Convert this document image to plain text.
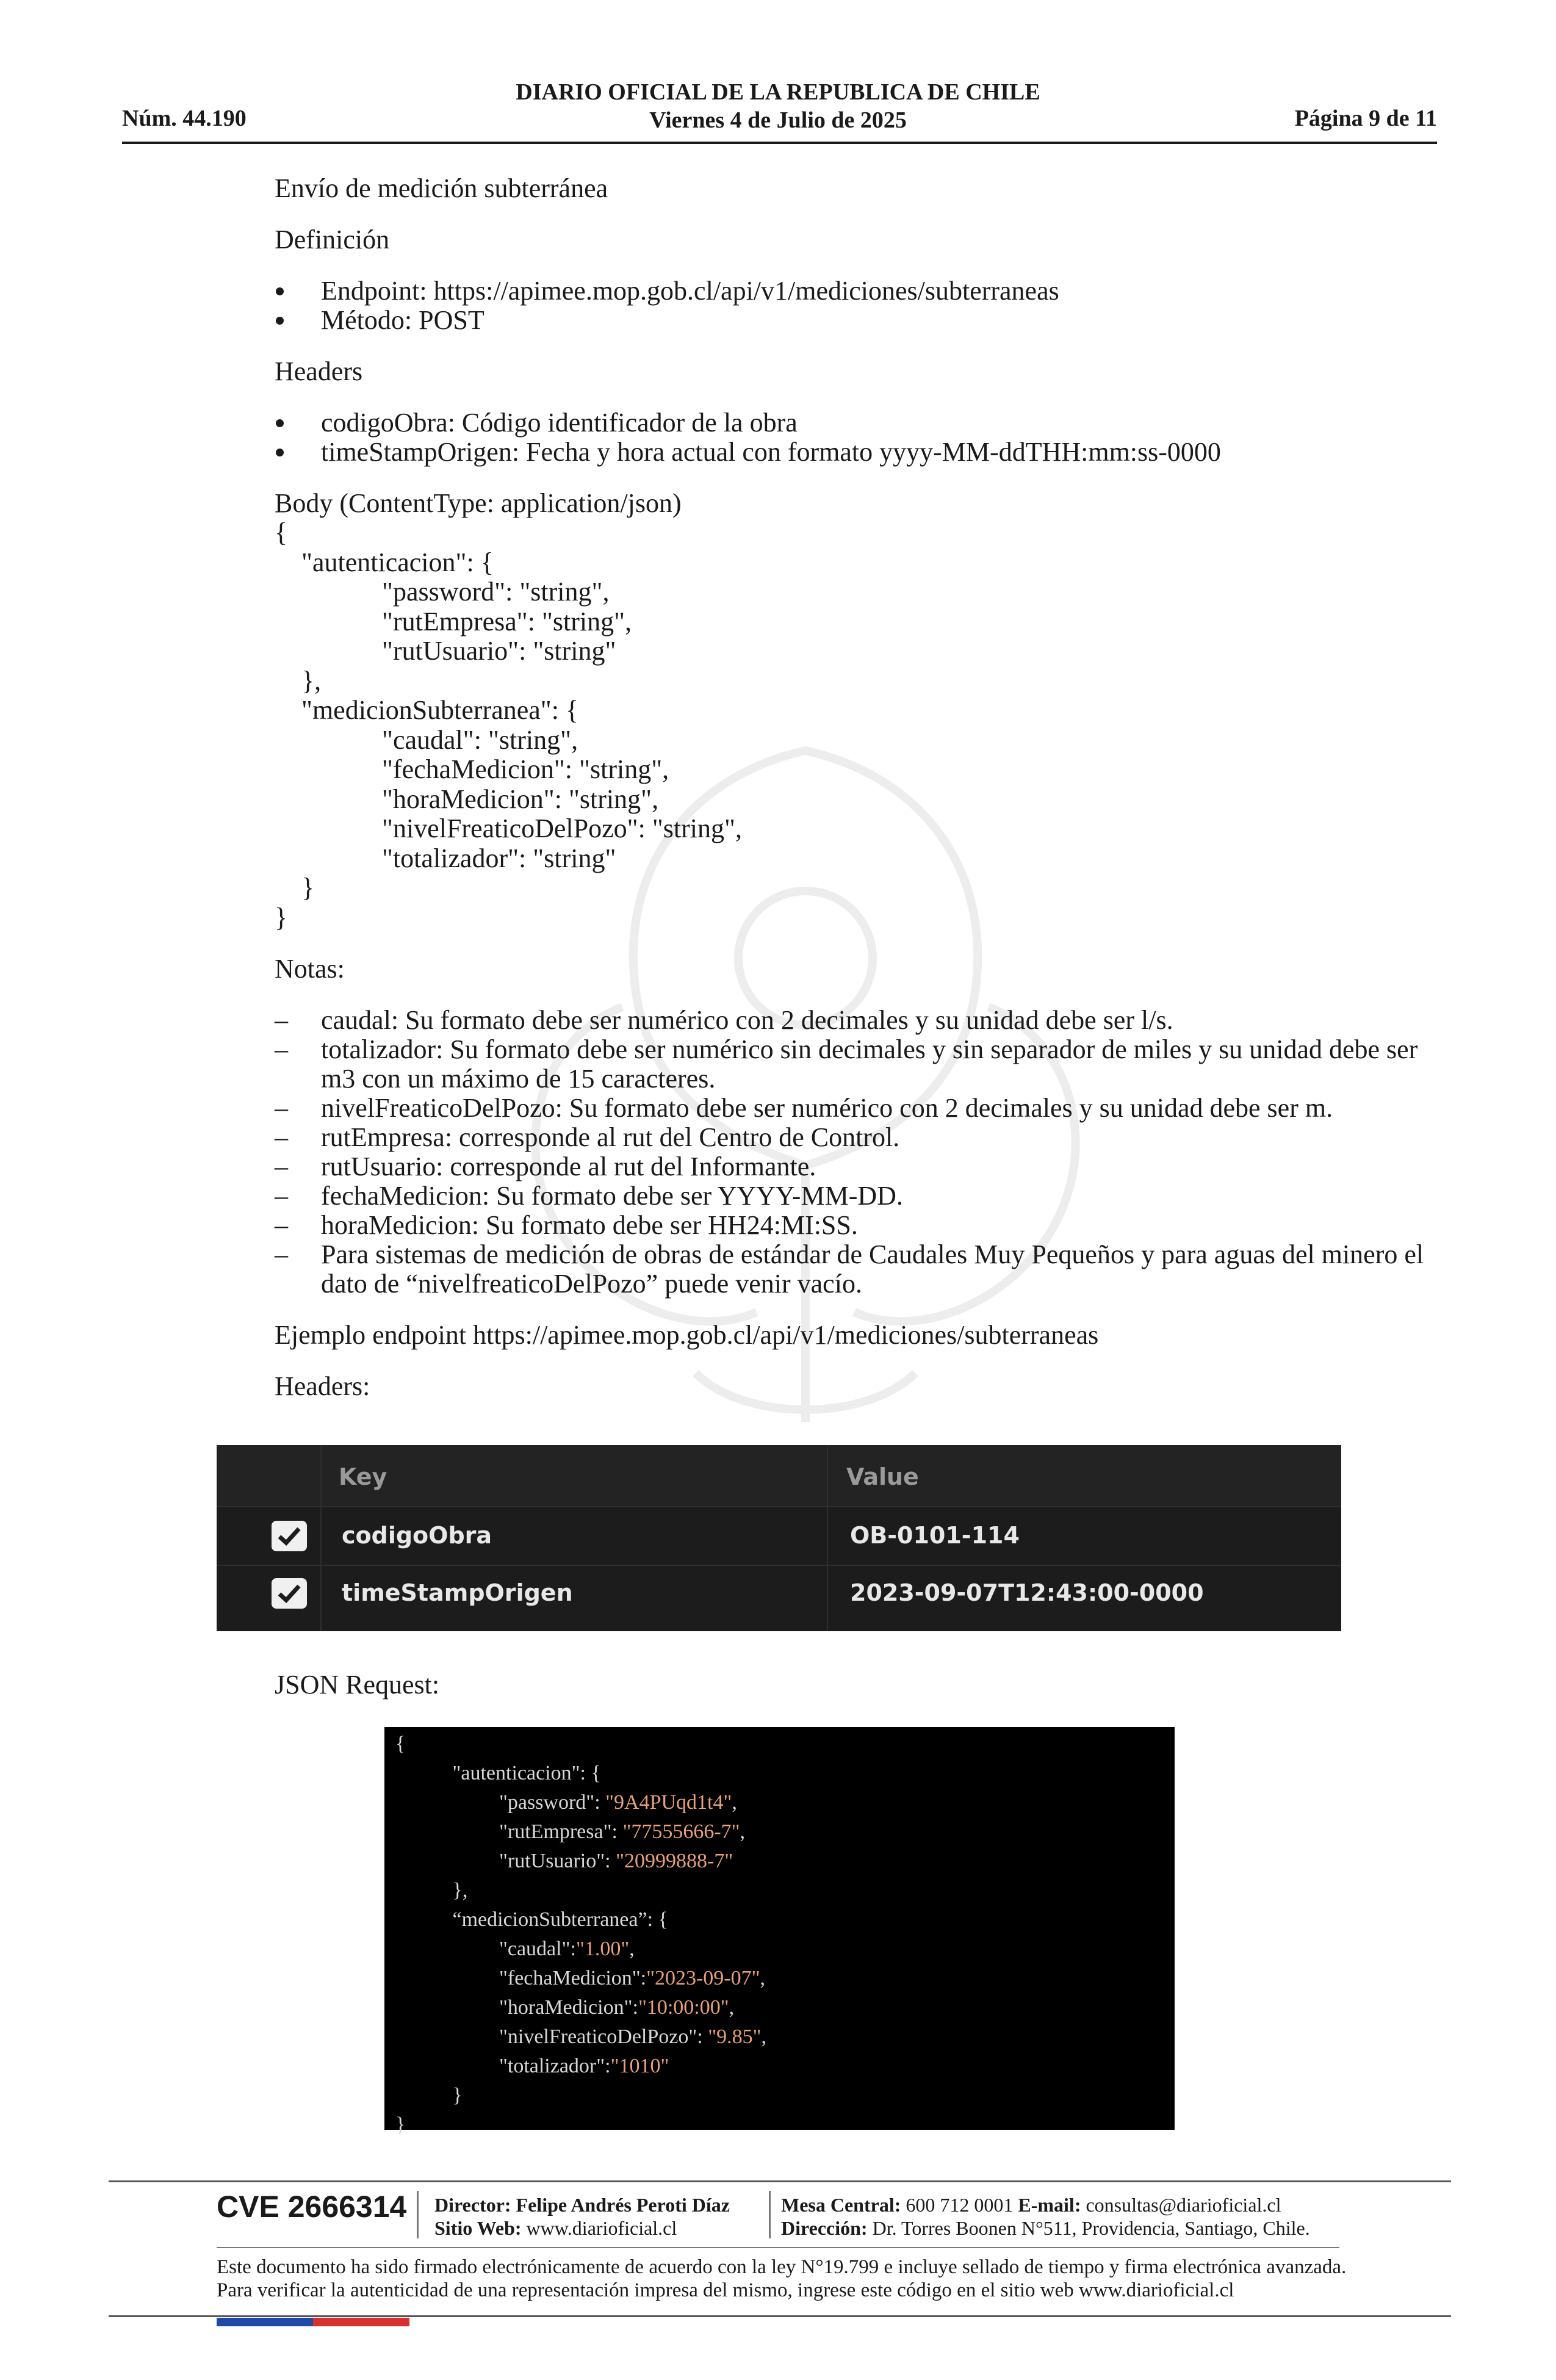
Núm. 44.190
DIARIO OFICIAL DE LA REPUBLICA DE CHILE
Viernes 4 de Julio de 2025	Página 9 de 11

Envío de medición subterránea

Definición

Endpoint: https://apimee.mop.gob.cl/api/v1/mediciones/subterraneas
Método: POST

Headers

codigoObra: Código identificador de la obra
timeStampOrigen: Fecha y hora actual con formato yyyy-MM-ddTHH:mm:ss-0000

Body (ContentType: application/json)

{
"autenticacion": {
"password": "string",
"rutEmpresa": "string",
"rutUsuario": "string"
},
"medicionSubterranea": {
"caudal": "string",
"fechaMedicion": "string",
"horaMedicion": "string",
"nivelFreaticoDelPozo": "string",
"totalizador": "string"
}
}

Notas:

– caudal: Su formato debe ser numérico con 2 decimales y su unidad debe ser l/s.
– totalizador: Su formato debe ser numérico sin decimales y sin separador de miles y su unidad debe ser m3 con un máximo de 15 caracteres.
– nivelFreaticoDelPozo: Su formato debe ser numérico con 2 decimales y su unidad debe ser m.
– rutEmpresa: corresponde al rut del Centro de Control.
– rutUsuario: corresponde al rut del Informante.
– fechaMedicion: Su formato debe ser YYYY-MM-DD.
– horaMedicion: Su formato debe ser HH24:MI:SS.
– Para sistemas de medición de obras de estándar de Caudales Muy Pequeños y para aguas del minero el dato de “nivelfreaticoDelPozo” puede venir vacío.

Ejemplo endpoint https://apimee.mop.gob.cl/api/v1/mediciones/subterraneas

Headers:

Key	Value
codigoObra	OB-0101-114
timeStampOrigen	2023-09-07T12:43:00-0000
JSON Request:
{
"autenticacion": {
"password": "9A4PUqd1t4",
"rutEmpresa": "77555666-7",
"rutUsuario": "20999888-7"
},
“medicionSubterranea”: {
"caudal":"1.00",
"fechaMedicion":"2023-09-07",
"horaMedicion":"10:00:00",
"nivelFreaticoDelPozo": "9.85",
"totalizador":"1010"
}
}
CVE 2666314 Director: Felipe Andrés Peroti Díaz
Sitio Web: www.diarioficial.cl
Mesa Central: 600 712 0001 E-mail: consultas@diarioficial.cl
Dirección: Dr. Torres Boonen N°511, Providencia, Santiago, Chile.
Este documento ha sido firmado electrónicamente de acuerdo con la ley N°19.799 e incluye sellado de tiempo y firma electrónica avanzada. Para verificar la autenticidad de una representación impresa del mismo, ingrese este código en el sitio web www.diarioficial.cl
